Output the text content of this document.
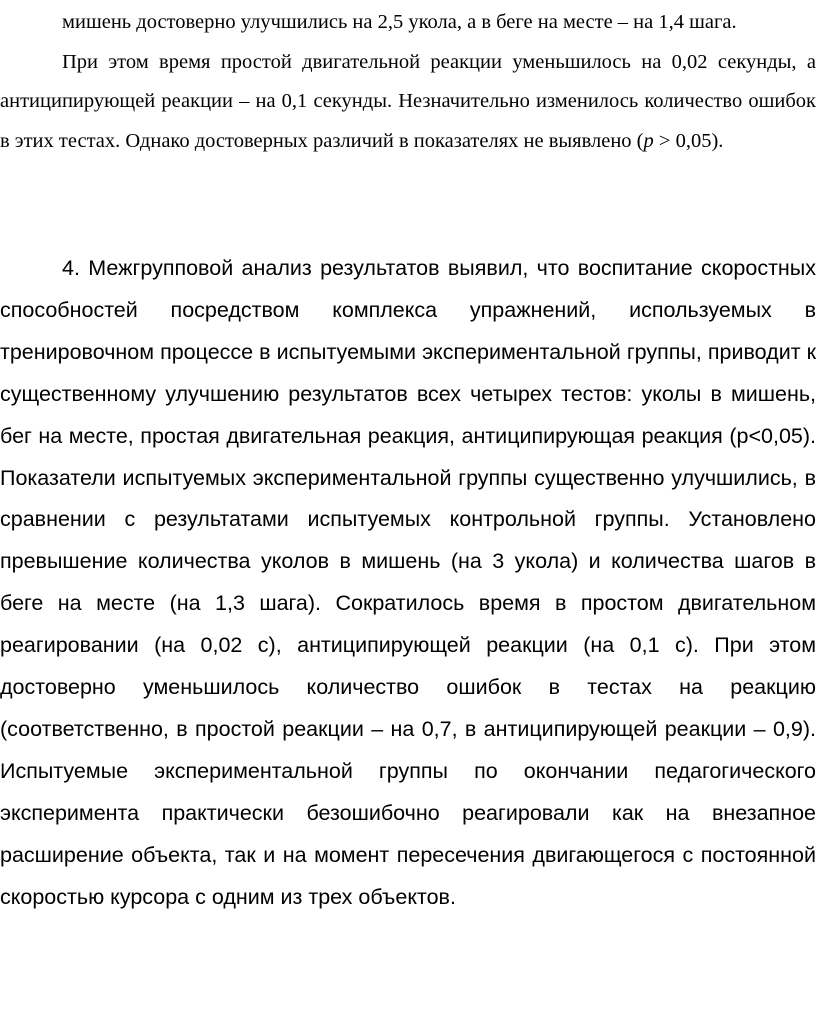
мишень достоверно улучшились на 2,5 укола, а в беге на месте – на 1,4 шага.

При этом время простой двигательной реакции уменьшилось на 0,02 секунды, а антиципирующей реакции – на 0,1 секунды. Незначительно изменилось количество ошибок в этих тестах. Однако достоверных различий в показателях не выявлено (p > 0,05).

4. Межгрупповой анализ результатов выявил, что воспитание скоростных способностей посредством комплекса упражнений, используемых в тренировочном процессе в испытуемыми экспериментальной группы, приводит к существенному улучшению результатов всех четырех тестов: уколы в мишень, бег на месте, простая двигательная реакция, антиципирующая реакция (p<0,05). Показатели испытуемых экспериментальной группы существенно улучшились, в сравнении с результатами испытуемых контрольной группы. Установлено превышение количества уколов в мишень (на 3 укола) и количества шагов в беге на месте (на 1,3 шага). Сократилось время в простом двигательном реагировании (на 0,02 с), антиципирующей реакции (на 0,1 с). При этом достоверно уменьшилось количество ошибок в тестах на реакцию (соответственно, в простой реакции – на 0,7, в антиципирующей реакции – 0,9). Испытуемые экспериментальной группы по окончании педагогического эксперимента практически безошибочно реагировали как на внезапное расширение объекта, так и на момент пересечения двигающегося с постоянной скоростью курсора с одним из трех объектов.
